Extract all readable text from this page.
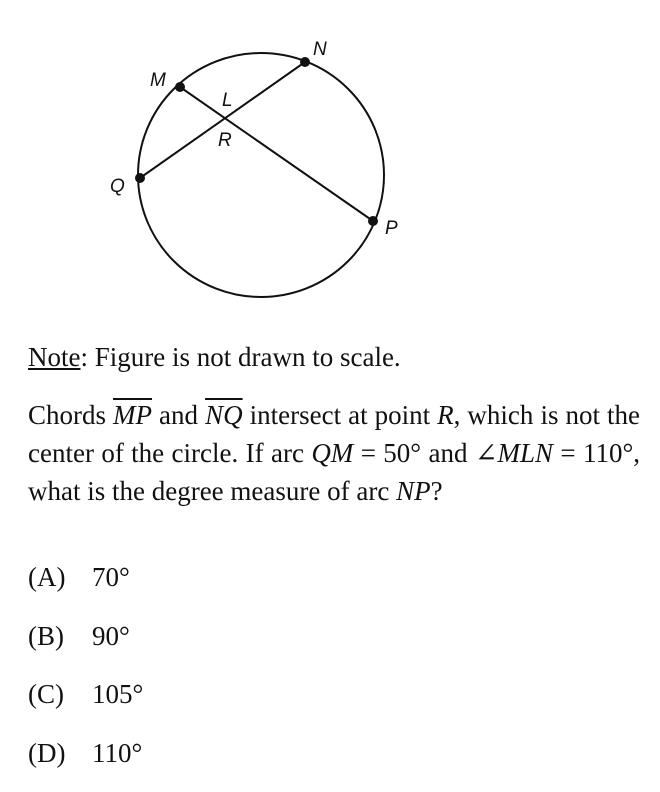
M
N
P
Q
L
R
Note: Figure is not drawn to scale.
Chords $\overline{MP}$ and $\overline{NQ}$ intersect at point R, which is not the center of the circle. If arc QM = 50° and ∠MLN = 110°, what is the degree measure of arc NP?
(A) 70°
(B)	90°
(C)	105°
(D) 110°
